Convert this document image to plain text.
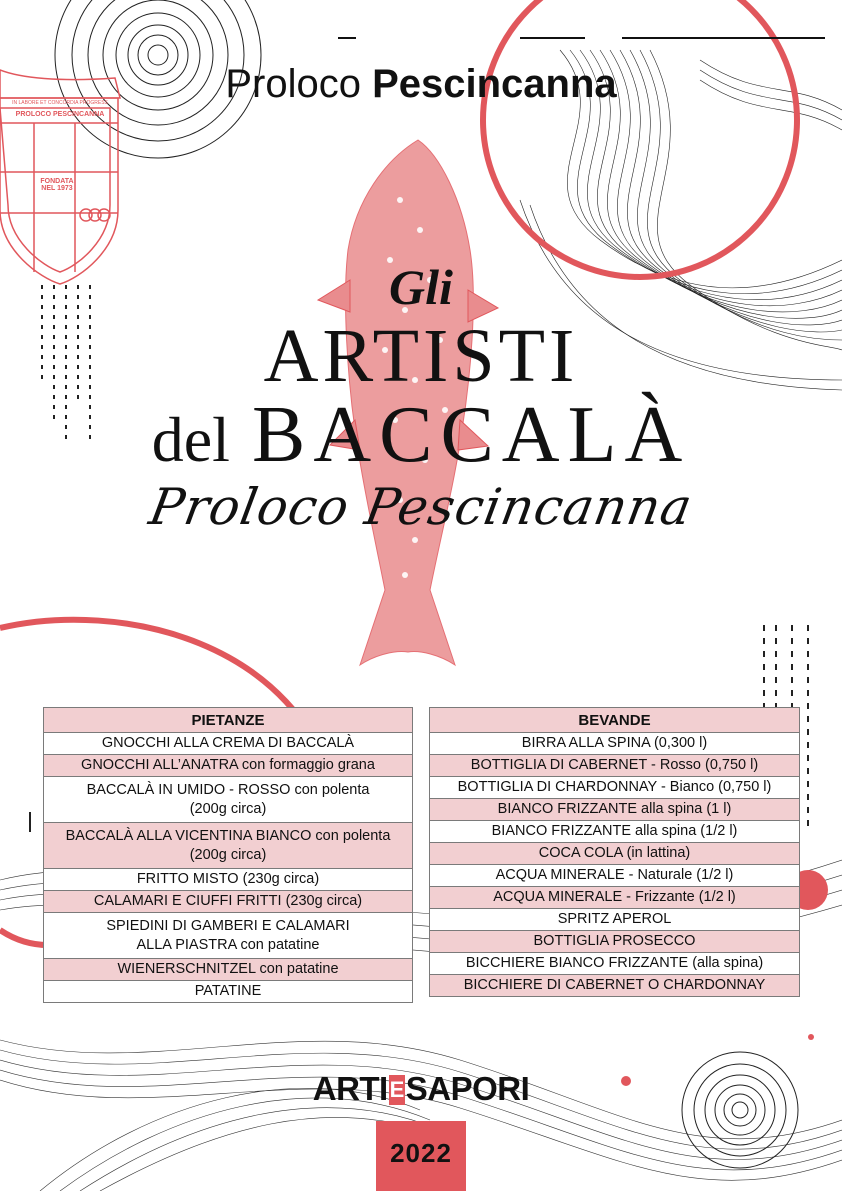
IN LABORE ET CONCORDIA PROGRESS
PROLOCO PESCINCANNA
FONDATA NEL 1973
Proloco Pescincanna
Gli
ARTISTI
del BACCALÀ
Proloco Pescincanna
PIETANZE

GNOCCHI ALLA CREMA DI BACCALÀ

GNOCCHI ALL’ANATRA con formaggio grana

BACCALÀ IN UMIDO - ROSSO con polenta
(200g circa)

BACCALÀ ALLA VICENTINA BIANCO con polenta
(200g circa)

FRITTO MISTO (230g circa)

CALAMARI E CIUFFI FRITTI (230g circa)

SPIEDINI DI GAMBERI E CALAMARI
ALLA PIASTRA con patatine

WIENERSCHNITZEL con patatine

PATATINE
BEVANDE
BIRRA ALLA SPINA (0,300 l)
BOTTIGLIA DI CABERNET - Rosso (0,750 l)
BOTTIGLIA DI CHARDONNAY - Bianco (0,750 l)
BIANCO FRIZZANTE alla spina (1 l)
BIANCO FRIZZANTE alla spina (1/2 l)
COCA COLA (in lattina)
ACQUA MINERALE - Naturale (1/2 l)
ACQUA MINERALE - Frizzante (1/2 l)
SPRITZ APEROL
BOTTIGLIA PROSECCO
BICCHIERE BIANCO FRIZZANTE (alla spina)
BICCHIERE DI CABERNET O CHARDONNAY
ARTIESAPORI
2022
